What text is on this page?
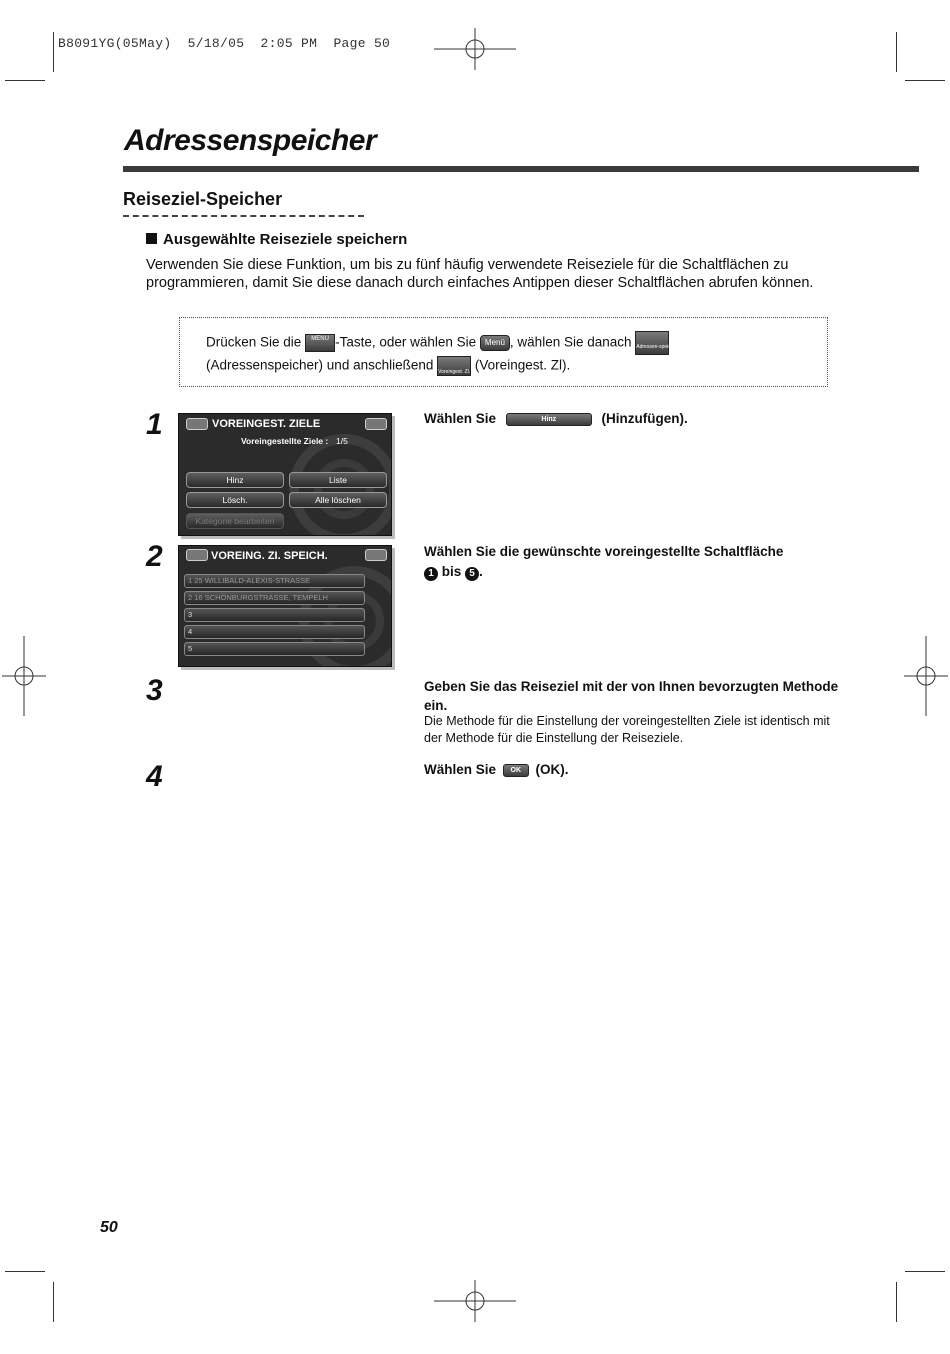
B8091YG(05May)  5/18/05  2:05 PM  Page 50
Adressenspeicher
Reiseziel-Speicher
Ausgewählte Reiseziele speichern
Verwenden Sie diese Funktion, um bis zu fünf häufig verwendete Reiseziele für die Schaltflächen zu programmieren, damit Sie diese danach durch einfaches Antippen dieser Schaltflächen abrufen können.
Drücken Sie die MENU -Taste, oder wählen Sie Menü , wählen Sie danach Adressen-speicher
(Adressenspeicher) und anschließend Voreingest. Zl. (Voreingest. Zl).
1	VOREINGEST. ZIELE
Voreingestellte Ziele : 1/5
Hinz	Liste
Lösch.	Alle löschen
Kategorie bearbeiten
Wählen Sie	Hinz	(Hinzufügen).
2	VOREING. ZI. SPEICH.
1 25 WILLIBALD-ALEXIS-STRASSE
2 16 SCHÖNBURGSTRASSE, TEMPELH
3
4
5
Wählen Sie die gewünschte voreingestellte Schaltfläche
1 bis 5 .
3	Geben Sie das Reiseziel mit der von Ihnen bevorzugten Methode ein.
Die Methode für die Einstellung der voreingestellten Ziele ist identisch mit der Methode für die Einstellung der Reiseziele.
4	Wählen Sie OK (OK).
50
